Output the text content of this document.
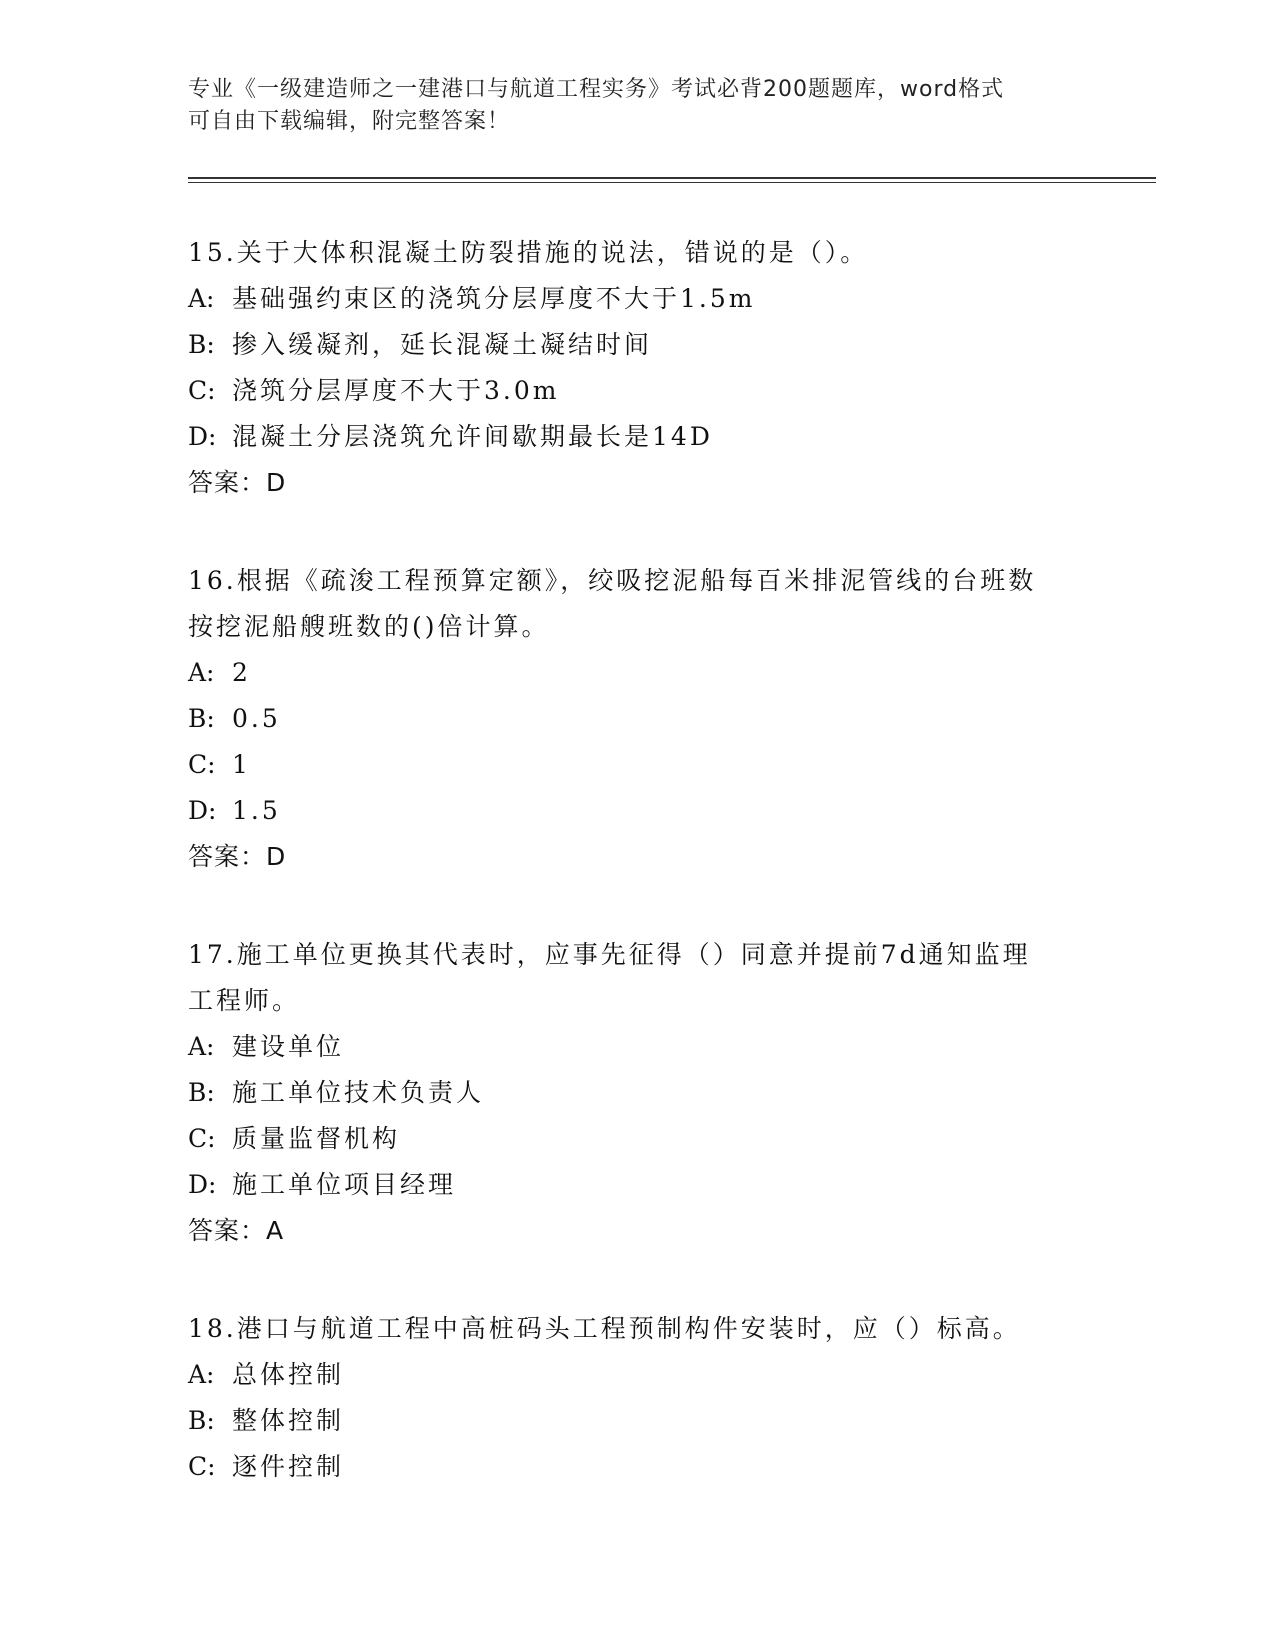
专业《一级建造师之一建港口与航道工程实务》考试必背200题题库，word格式
可自由下载编辑，附完整答案！
15.关于大体积混凝土防裂措施的说法，错说的是（）。
A: 基础强约束区的浇筑分层厚度不大于1.5m
B: 掺入缓凝剂，延长混凝土凝结时间
C: 浇筑分层厚度不大于3.0m
D: 混凝土分层浇筑允许间歇期最长是14D
答案：D
16.根据《疏浚工程预算定额》，绞吸挖泥船每百米排泥管线的台班数
按挖泥船艘班数的()倍计算。
A: 2
B: 0.5
C: 1
D: 1.5
答案：D
17.施工单位更换其代表时，应事先征得（）同意并提前7d通知监理
工程师。
A: 建设单位
B: 施工单位技术负责人
C: 质量监督机构
D: 施工单位项目经理
答案：A
18.港口与航道工程中高桩码头工程预制构件安装时，应（）标高。
A: 总体控制
B: 整体控制
C: 逐件控制
